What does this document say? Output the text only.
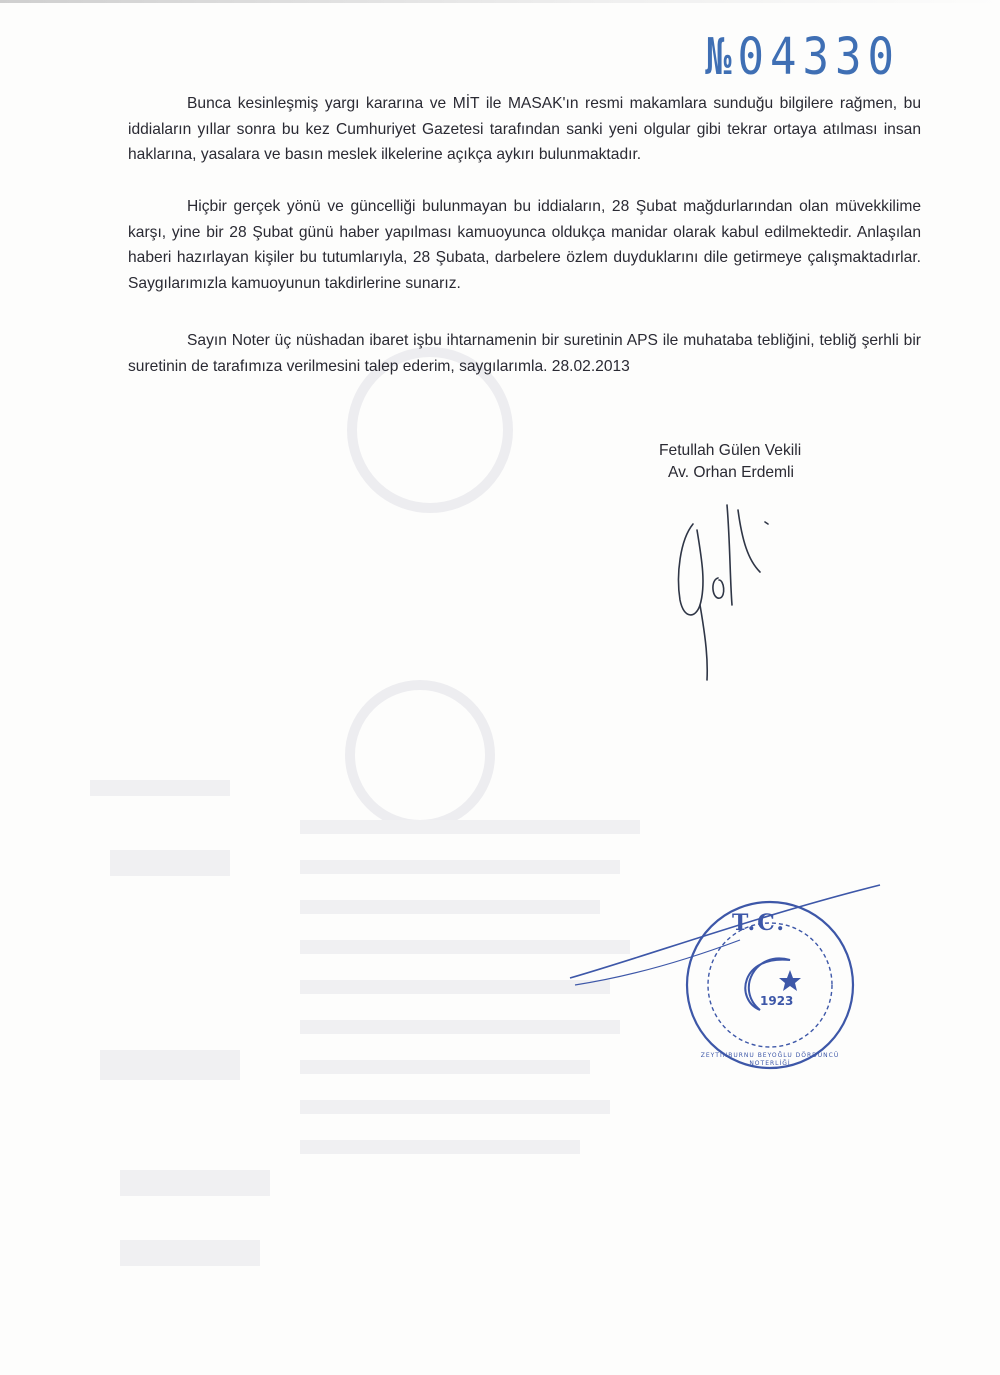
№04330
Bunca kesinleşmiş yargı kararına ve MİT ile MASAK'ın resmi makamlara sunduğu bilgilere rağmen, bu iddiaların yıllar sonra bu kez Cumhuriyet Gazetesi tarafından sanki yeni olgular gibi tekrar ortaya atılması insan haklarına, yasalara ve basın meslek ilkelerine açıkça aykırı bulunmaktadır.
Hiçbir gerçek yönü ve güncelliği bulunmayan bu iddiaların, 28 Şubat mağdurlarından olan müvekkilime karşı, yine bir 28 Şubat günü haber yapılması kamuoyunca oldukça manidar olarak kabul edilmektedir. Anlaşılan haberi hazırlayan kişiler bu tutumlarıyla, 28 Şubata, darbelere özlem duyduklarını dile getirmeye çalışmaktadırlar. Saygılarımızla kamuoyunun takdirlerine sunarız.
Sayın Noter üç nüshadan ibaret işbu ihtarnamenin bir suretinin APS ile muhataba tebliğini, tebliğ şerhli bir suretinin de tarafımıza verilmesini talep ederim, saygılarımla. 28.02.2013
Fetullah Gülen Vekili
Av. Orhan Erdemli
T.C.
1923
ZEYTİNBURNU BEYOĞLU DÖRDÜNCÜ NOTERLİĞİ
